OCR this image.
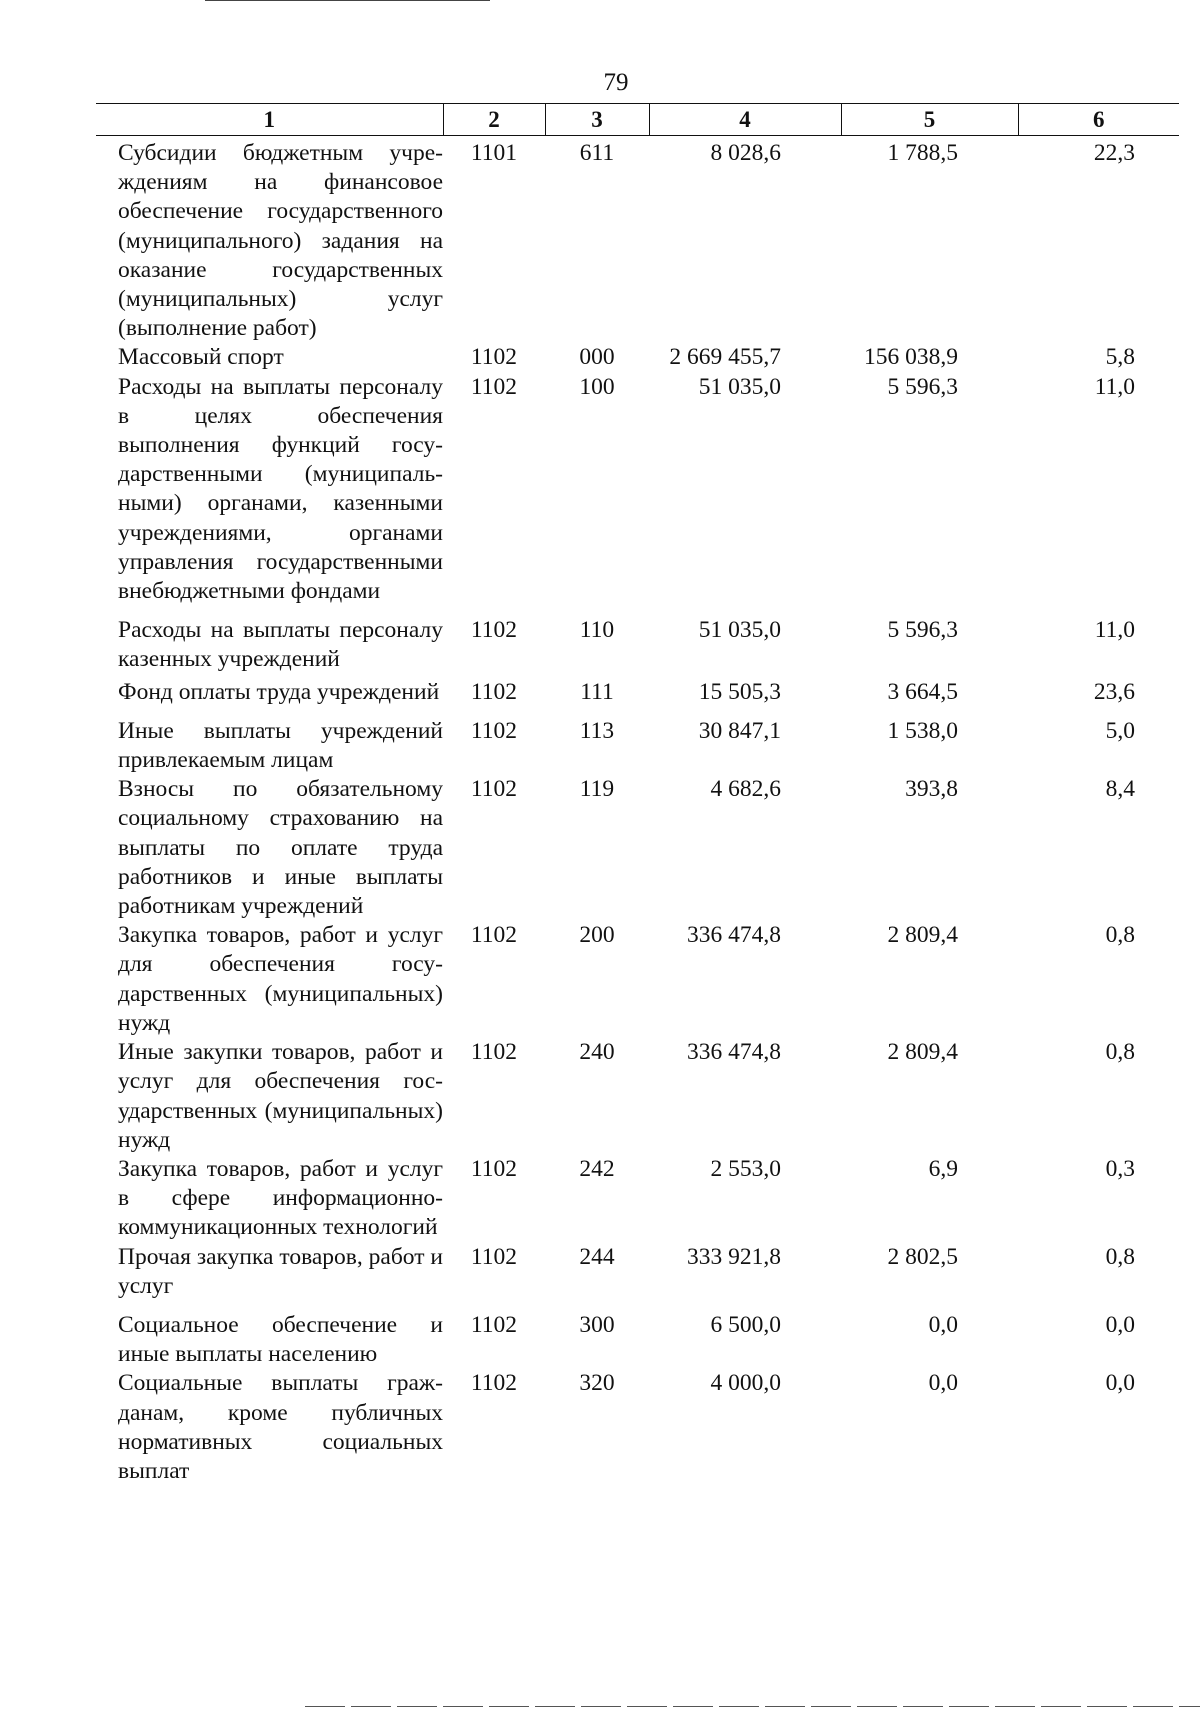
79
1	2	3	4	5	6
Субсидии бюджетным учреждениям на финансовое обеспечение государственного (муниципального) задания на оказание государственных (муниципальных) услуг (выполнение работ)	1101	611	8 028,6	1 788,5	22,3
Массовый спорт	1102	000	2 669 455,7	156 038,9	5,8
Расходы на выплаты персоналу в целях обеспечения выполнения функций государственными (муниципальными) органами, казенными учреждениями, органами управления государственными внебюджетными фондами	1102	100	51 035,0	5 596,3	11,0
Расходы на выплаты персоналу казенных учреждений	1102	110	51 035,0	5 596,3	11,0
Фонд оплаты труда учреждений	1102	111	15 505,3	3 664,5	23,6
Иные выплаты учреждений привлекаемым лицам	1102	113	30 847,1	1 538,0	5,0
Взносы по обязательному социальному страхованию на выплаты по оплате труда работников и иные выплаты работникам учреждений	1102	119	4 682,6	393,8	8,4
Закупка товаров, работ и услуг для обеспечения государственных (муниципальных) нужд	1102	200	336 474,8	2 809,4	0,8
Иные закупки товаров, работ и услуг для обеспечения государственных (муниципальных) нужд	1102	240	336 474,8	2 809,4	0,8
Закупка товаров, работ и услуг в сфере информационно-коммуникационных технологий	1102	242	2 553,0	6,9	0,3
Прочая закупка товаров, работ и услуг	1102	244	333 921,8	2 802,5	0,8
Социальное обеспечение и иные выплаты населению	1102	300	6 500,0	0,0	0,0
Социальные выплаты гражданам, кроме публичных нормативных социальных выплат	1102	320	4 000,0	0,0	0,0
